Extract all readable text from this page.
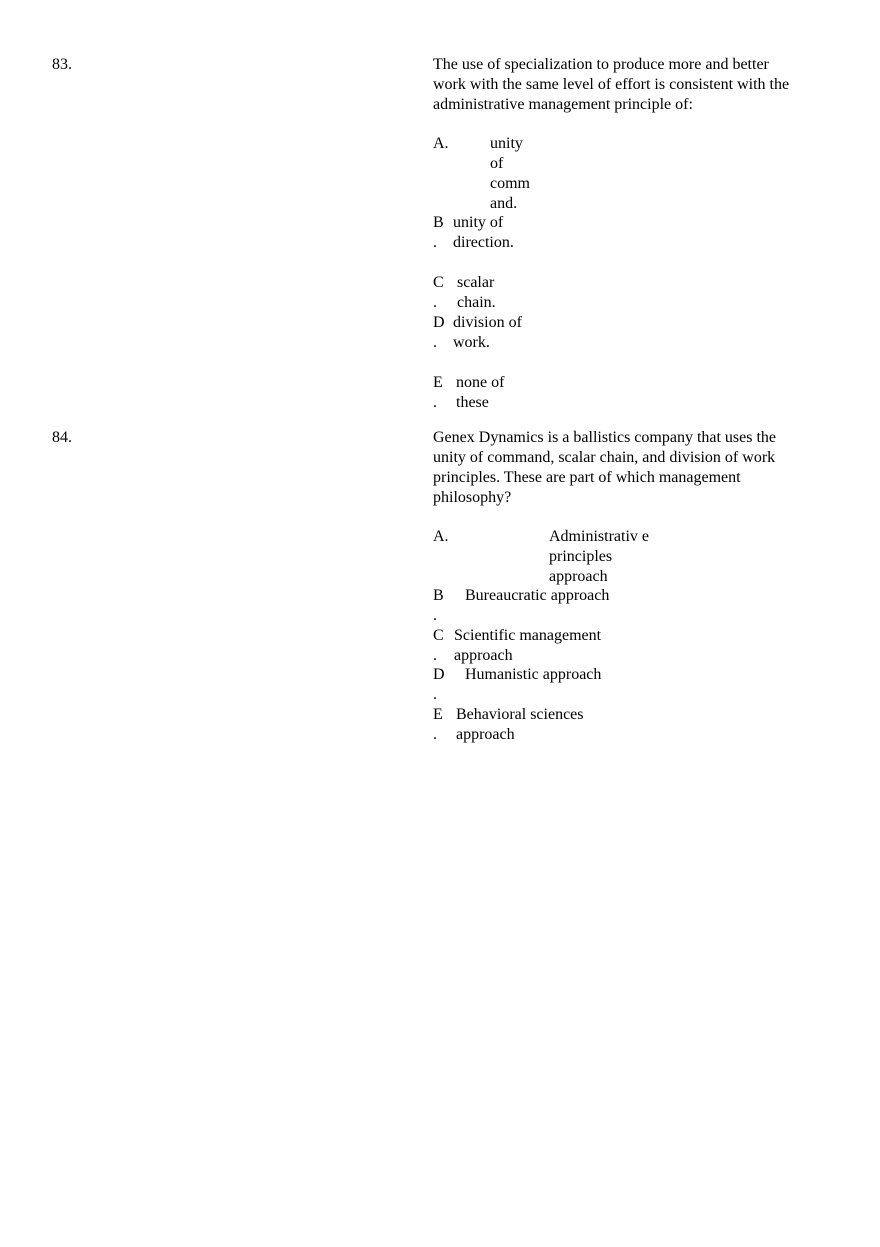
83.	The use of specialization to produce more and better work with the same level of effort is consistent with the administrative management principle of:

A.	unity of comm and.
B .
unity of direction.
C .
scalar chain.
D .
division of work.
E .
none of these

84.	Genex Dynamics is a ballistics company that uses the unity of command, scalar chain, and division of work principles. These are part of which management philosophy?

A.	Administrativ e principles approach
B .
Bureaucratic approach
C .
Scientific management approach
D .
Humanistic approach
E .
Behavioral sciences approach
